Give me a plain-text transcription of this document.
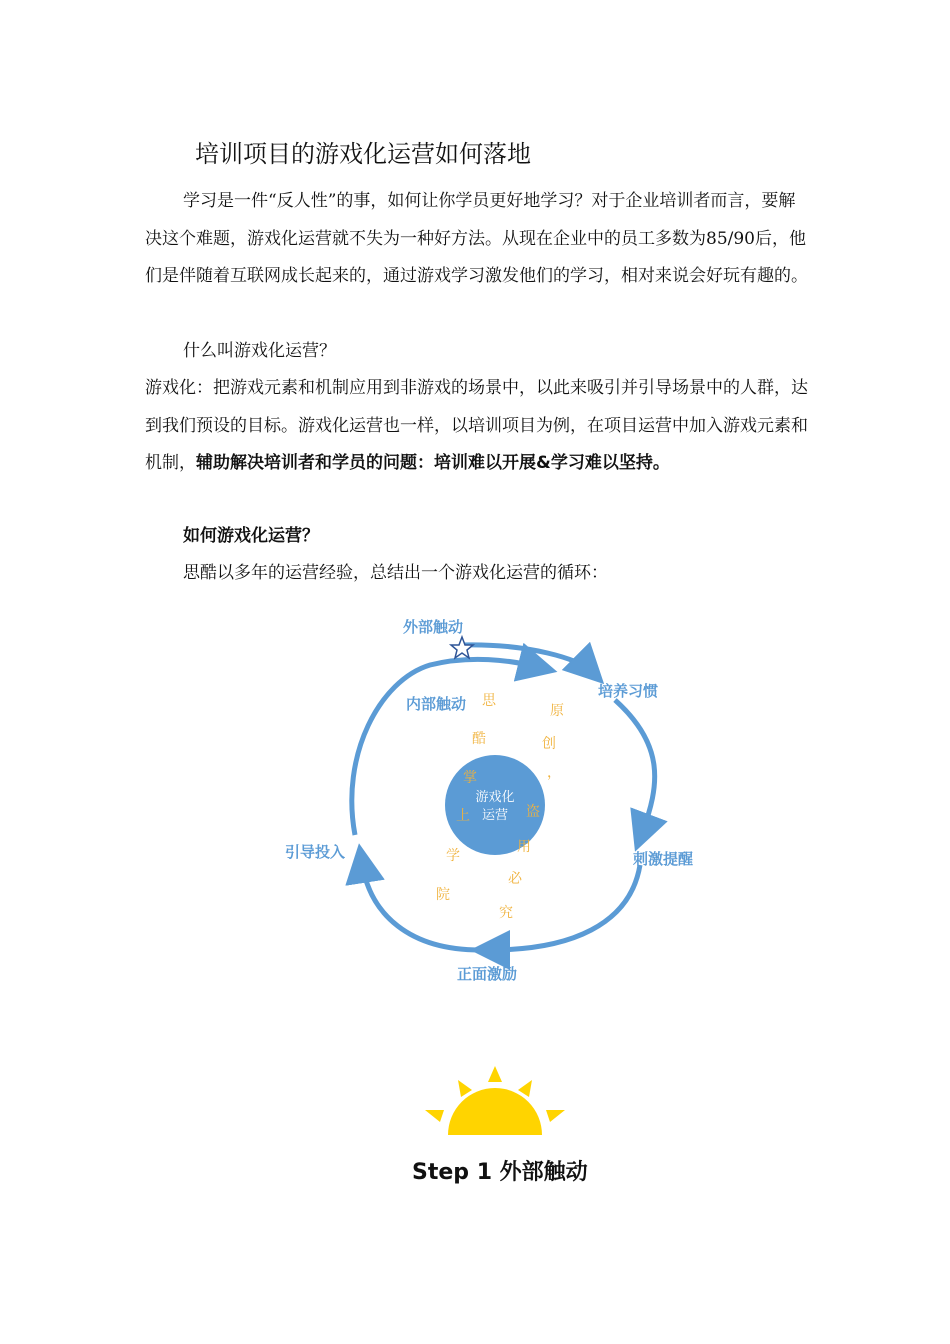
培训项目的游戏化运营如何落地
学习是一件“反人性”的事，如何让你学员更好地学习？对于企业培训者而言，要解决这个难题，游戏化运营就不失为一种好方法。从现在企业中的员工多数为85/90后，他们是伴随着互联网成长起来的，通过游戏学习激发他们的学习，相对来说会好玩有趣的。
什么叫游戏化运营？
游戏化：把游戏元素和机制应用到非游戏的场景中，以此来吸引并引导场景中的人群，达到我们预设的目标。游戏化运营也一样，以培训项目为例，在项目运营中加入游戏元素和机制，辅助解决培训者和学员的问题：培训难以开展&学习难以坚持。
如何游戏化运营？
思酷以多年的运营经验，总结出一个游戏化运营的循环：
游戏化
运营
外部触动
培养习惯
刺激提醒
正面激励
引导投入
内部触动 思
酷
掌
上
学
院
原
创
，
盗
用
必
究
Step 1 外部触动
